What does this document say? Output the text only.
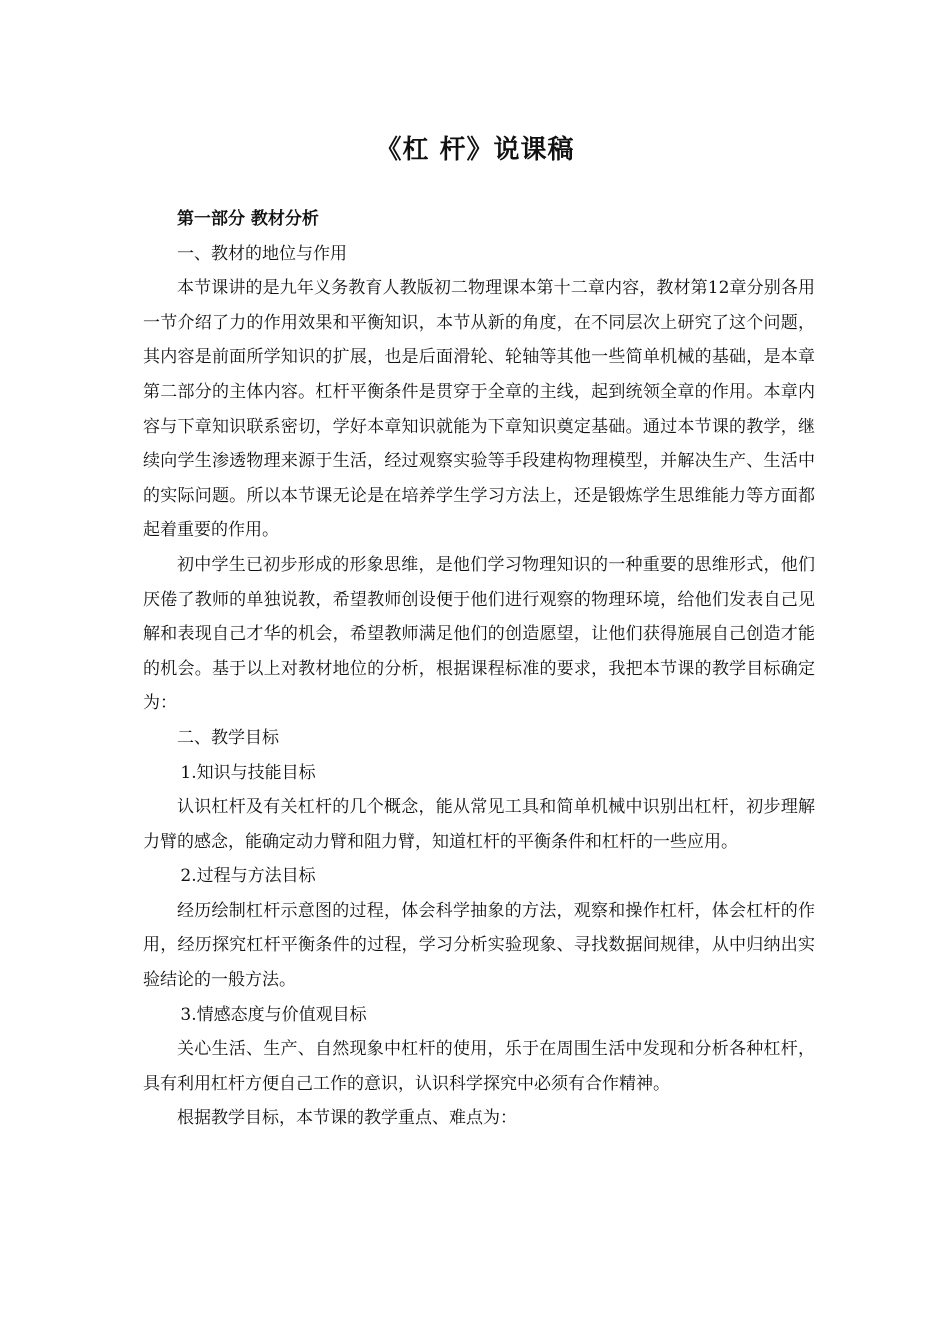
《杠 杆》说课稿

第一部分 教材分析

一、教材的地位与作用

本节课讲的是九年义务教育人教版初二物理课本第十二章内容，教材第12章分别各用一节介绍了力的作用效果和平衡知识，本节从新的角度，在不同层次上研究了这个问题，其内容是前面所学知识的扩展，也是后面滑轮、轮轴等其他一些简单机械的基础，是本章第二部分的主体内容。杠杆平衡条件是贯穿于全章的主线，起到统领全章的作用。本章内容与下章知识联系密切，学好本章知识就能为下章知识奠定基础。通过本节课的教学，继续向学生渗透物理来源于生活，经过观察实验等手段建构物理模型，并解决生产、生活中的实际问题。所以本节课无论是在培养学生学习方法上，还是锻炼学生思维能力等方面都起着重要的作用。

初中学生已初步形成的形象思维，是他们学习物理知识的一种重要的思维形式，他们厌倦了教师的单独说教，希望教师创设便于他们进行观察的物理环境，给他们发表自己见解和表现自己才华的机会，希望教师满足他们的创造愿望，让他们获得施展自己创造才能的机会。基于以上对教材地位的分析，根据课程标准的要求，我把本节课的教学目标确定为：

二、教学目标

1.知识与技能目标

认识杠杆及有关杠杆的几个概念，能从常见工具和简单机械中识别出杠杆，初步理解力臂的感念，能确定动力臂和阻力臂，知道杠杆的平衡条件和杠杆的一些应用。

2.过程与方法目标

经历绘制杠杆示意图的过程，体会科学抽象的方法，观察和操作杠杆，体会杠杆的作用，经历探究杠杆平衡条件的过程，学习分析实验现象、寻找数据间规律，从中归纳出实验结论的一般方法。

3.情感态度与价值观目标

关心生活、生产、自然现象中杠杆的使用，乐于在周围生活中发现和分析各种杠杆，具有利用杠杆方便自己工作的意识，认识科学探究中必须有合作精神。

根据教学目标，本节课的教学重点、难点为：
